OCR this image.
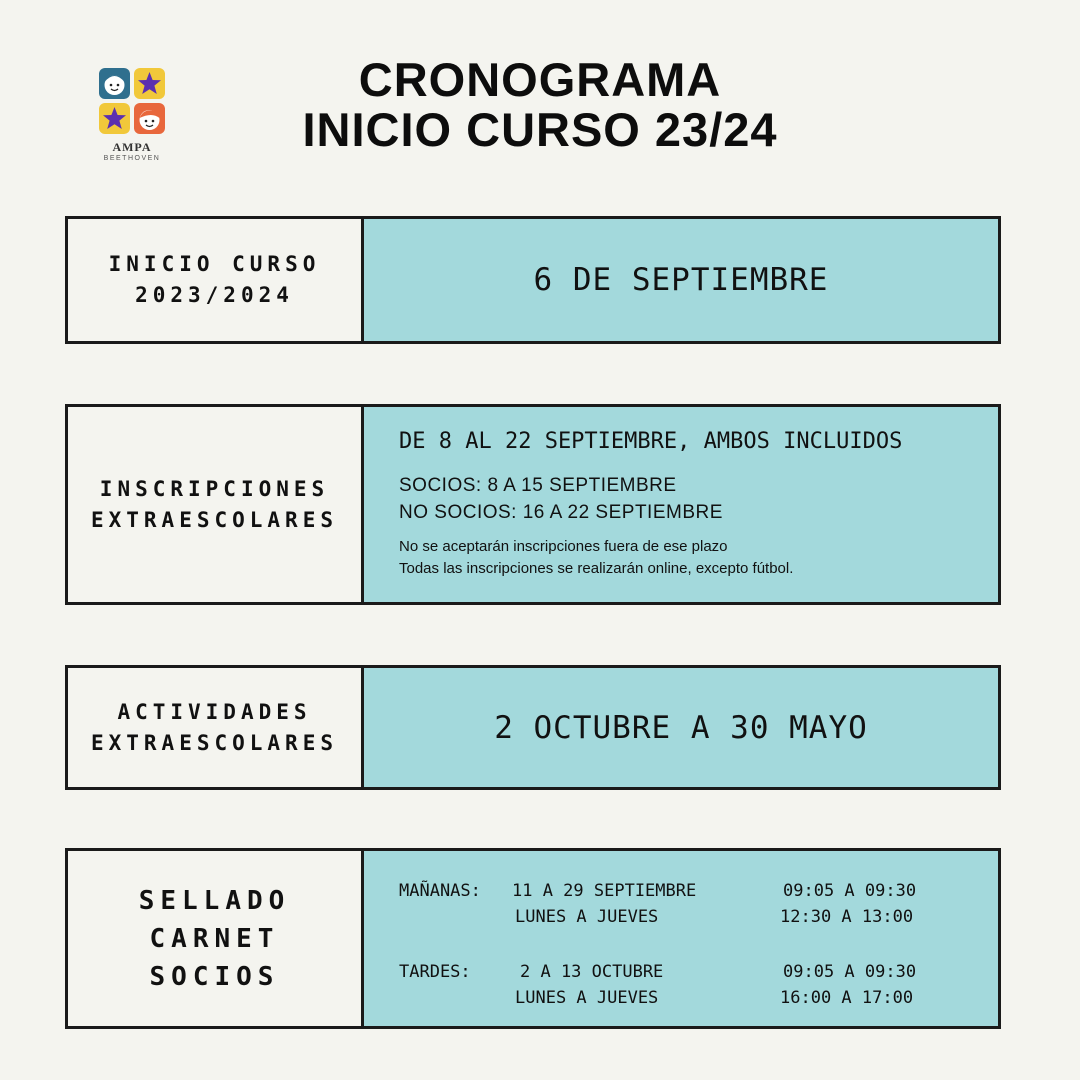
AMPA
BEETHOVEN
CRONOGRAMA
INICIO CURSO 23/24
INICIO CURSO
2023/2024	6 DE SEPTIEMBRE
INSCRIPCIONES
EXTRAESCOLARES
DE 8 AL 22 SEPTIEMBRE, AMBOS INCLUIDOS
SOCIOS: 8 A 15 SEPTIEMBRE
NO SOCIOS: 16 A 22 SEPTIEMBRE
No se aceptarán inscripciones fuera de ese plazo
Todas las inscripciones se realizarán online, excepto fútbol.
ACTIVIDADES
EXTRAESCOLARES	2 OCTUBRE A 30 MAYO
SELLADO
CARNET
SOCIOS
MAÑANAS: 11 A 29 SEPTIEMBRE	09:05 A 09:30
LUNES A JUEVES	12:30 A 13:00
TARDES:	2 A 13 OCTUBRE	09:05 A 09:30
LUNES A JUEVES	16:00 A 17:00
